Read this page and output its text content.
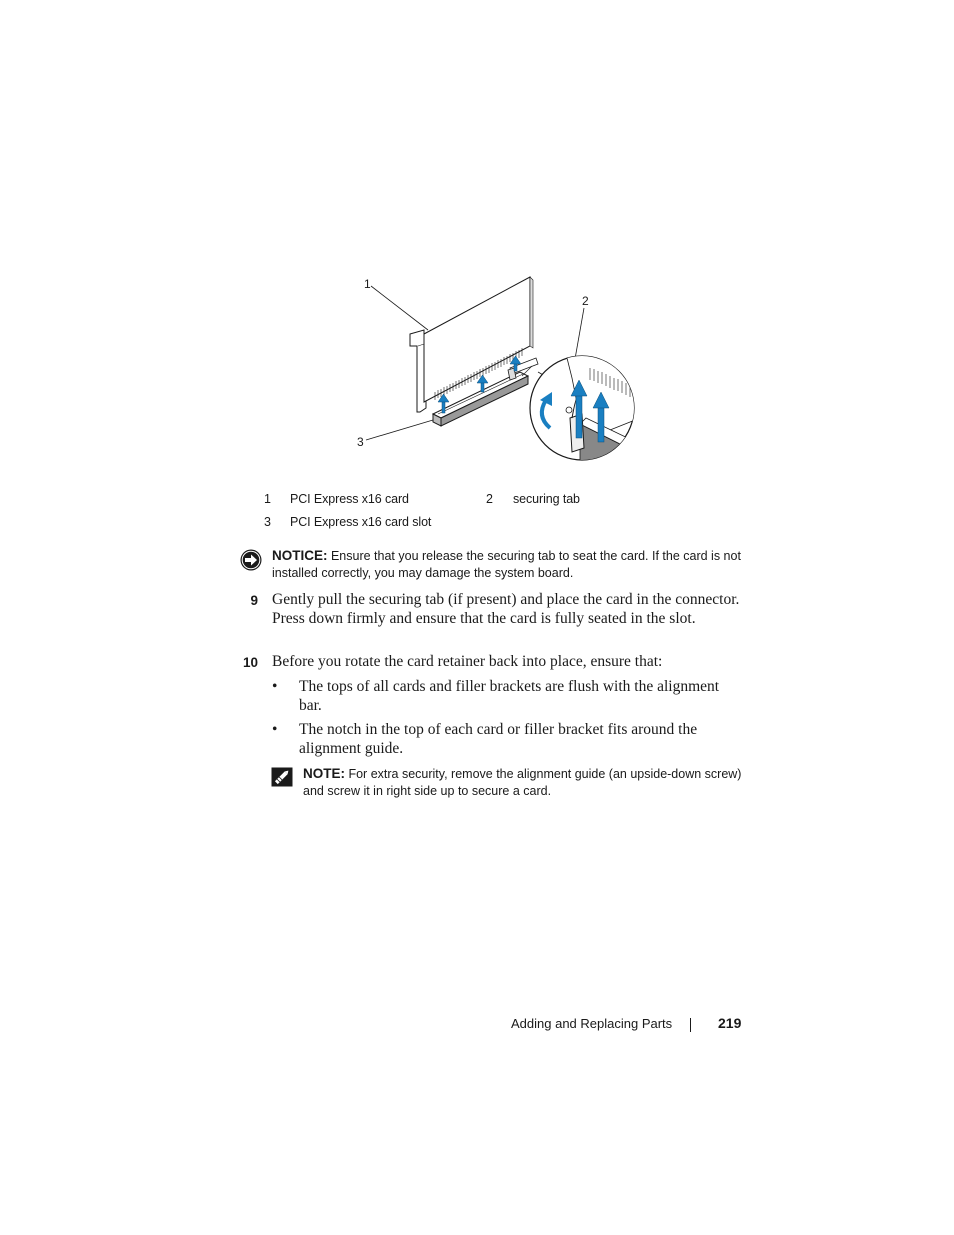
1
2
3
1 PCI Express x16 card	2 securing tab
3 PCI Express x16 card slot
NOTICE: Ensure that you release the securing tab to seat the card. If the card is not installed correctly, you may damage the system board.
9 Gently pull the securing tab (if present) and place the card in the connector. Press down firmly and ensure that the card is fully seated in the slot.
10 Before you rotate the card retainer back into place, ensure that:
• The tops of all cards and filler brackets are flush with the alignment bar.
• The notch in the top of each card or filler bracket fits around the alignment guide.
NOTE: For extra security, remove the alignment guide (an upside-down screw) and screw it in right side up to secure a card.
Adding and Replacing Parts	219
